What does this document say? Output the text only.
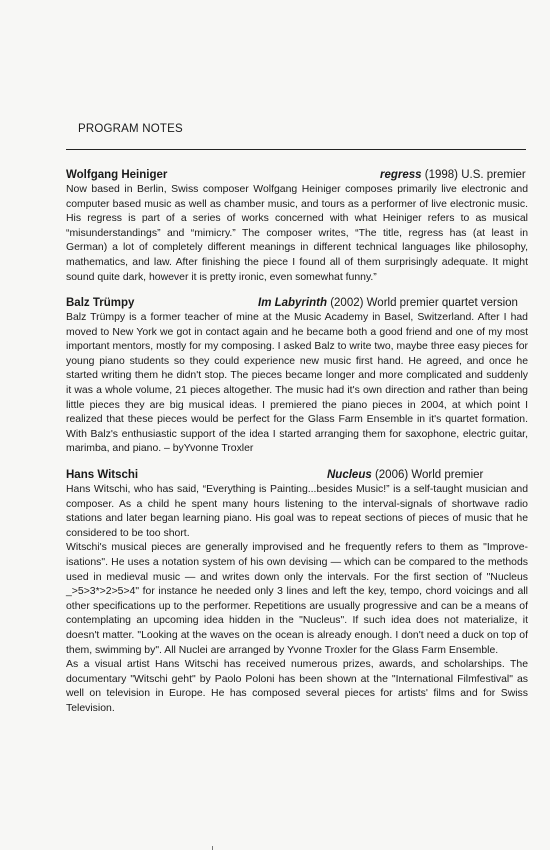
PROGRAM NOTES
Wolfgang Heiniger	regress (1998) U.S. premier

Now based in Berlin, Swiss composer Wolfgang Heiniger composes primarily live electronic and computer based music as well as chamber music, and tours as a performer of live electronic music. His regress is part of a series of works concerned with what Heiniger refers to as musical “misunderstandings” and “mimicry.” The composer writes, “The title, regress has (at least in German) a lot of completely different meanings in different technical languages like philosophy, mathematics, and law. After finishing the piece I found all of them surprisingly adequate. It might sound quite dark, however it is pretty ironic, even somewhat funny.”

Balz Trümpy	Im Labyrinth (2002) World premier quartet version

Balz Trümpy is a former teacher of mine at the Music Academy in Basel, Switzerland. After I had moved to New York we got in contact again and he became both a good friend and one of my most important mentors, mostly for my composing. I asked Balz to write two, maybe three easy pieces for young piano students so they could experience new music first hand. He agreed, and once he started writing them he didn't stop. The pieces became longer and more complicated and suddenly it was a whole volume, 21 pieces altogether. The music had it's own direction and rather than being little pieces they are big musical ideas. I premiered the piano pieces in 2004, at which point I realized that these pieces would be perfect for the Glass Farm Ensemble in it's quartet formation. With Balz's enthusiastic support of the idea I started arranging them for saxophone, electric guitar, marimba, and piano. – byYvonne Troxler

Hans Witschi	Nucleus (2006) World premier

Hans Witschi, who has said, “Everything is Painting...besides Music!” is a self-taught musician and composer. As a child he spent many hours listening to the interval-signals of shortwave radio stations and later began learning piano. His goal was to repeat sections of pieces of music that he considered to be too short.

Witschi's musical pieces are generally improvised and he frequently refers to them as "Improve-isations". He uses a notation system of his own devising — which can be compared to the methods used in medieval music — and writes down only the intervals. For the first section of "Nucleus _>5>3*>2>5>4" for instance he needed only 3 lines and left the key, tempo, chord voicings and all other specifications up to the performer. Repetitions are usually progressive and can be a means of contemplating an upcoming idea hidden in the "Nucleus". If such idea does not materialize, it doesn't matter. "Looking at the waves on the ocean is already enough. I don't need a duck on top of them, swimming by". All Nuclei are arranged by Yvonne Troxler for the Glass Farm Ensemble.

As a visual artist Hans Witschi has received numerous prizes, awards, and scholarships. The documentary "Witschi geht" by Paolo Poloni has been shown at the "International Filmfestival" as well on television in Europe. He has composed several pieces for artists' films and for Swiss Television.
